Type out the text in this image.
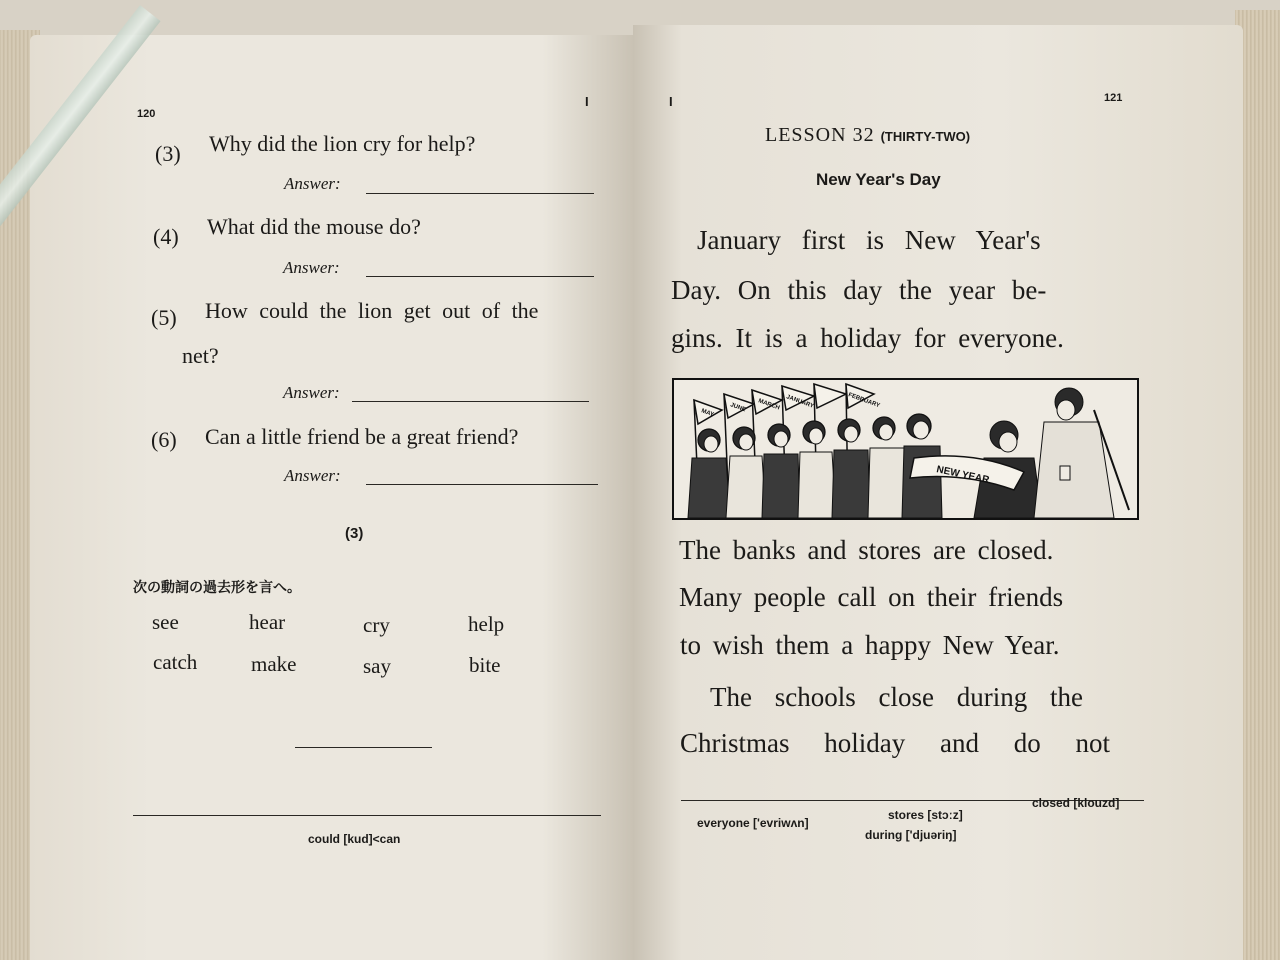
120
I
(3) Why did the lion cry for help?
Answer:
(4) What did the mouse do?
Answer:
(5) How could the lion get out of the
net?
Answer:
(6) Can a little friend be a great friend?
Answer:
(3)
次の動詞の過去形を言へ。
see	hear	cry	help
catch	make	say	bite
could [kud]<can
I	121
LESSON 32 (THIRTY-TWO)
New Year's Day
January first is New Year's
Day. On this day the year be-
gins. It is a holiday for everyone.
MAY JUNE MARCH JANUARY	FEBRUARY
NEW YEAR
The banks and stores are closed.
Many people call on their friends
to wish them a happy New Year.
The schools close during the
Christmas holiday and do not
everyone ['evriwʌn]
stores [stɔːz]
during ['djuəriŋ]
closed [klouzd]
